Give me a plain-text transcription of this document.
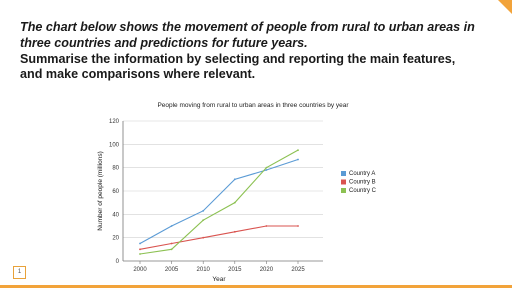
The chart below shows the movement of people from rural to urban areas in
three countries and predictions for future years.
Summarise the information by selecting and reporting the main features,
and make comparisons where relevant.
People moving from rural to urban areas in three countries by year
0
20
40
60
80
100
120
2000	2005	2010	2015	2020	2025
Year
Number of people (millions)	Country A
Country B
Country C
1
